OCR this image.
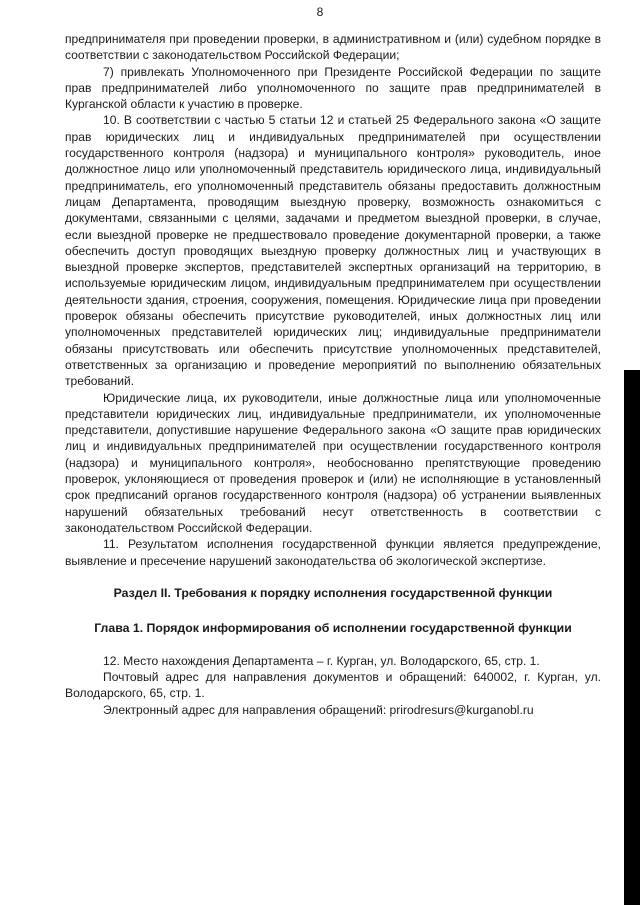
8

предпринимателя при проведении проверки, в административном и (или) судебном порядке в соответствии с законодательством Российской Федерации;

7) привлекать Уполномоченного при Президенте Российской Федерации по защите прав предпринимателей либо уполномоченного по защите прав предпринимателей в Курганской области к участию в проверке.

10. В соответствии с частью 5 статьи 12 и статьей 25 Федерального закона «О защите прав юридических лиц и индивидуальных предпринимателей при осуществлении государственного контроля (надзора) и муниципального контроля» руководитель, иное должностное лицо или уполномоченный представитель юридического лица, индивидуальный предприниматель, его уполномоченный представитель обязаны предоставить должностным лицам Департамента, проводящим выездную проверку, возможность ознакомиться с документами, связанными с целями, задачами и предметом выездной проверки, в случае, если выездной проверке не предшествовало проведение документарной проверки, а также обеспечить доступ проводящих выездную проверку должностных лиц и участвующих в выездной проверке экспертов, представителей экспертных организаций на территорию, в используемые юридическим лицом, индивидуальным предпринимателем при осуществлении деятельности здания, строения, сооружения, помещения. Юридические лица при проведении проверок обязаны обеспечить присутствие руководителей, иных должностных лиц или уполномоченных представителей юридических лиц; индивидуальные предприниматели обязаны присутствовать или обеспечить присутствие уполномоченных представителей, ответственных за организацию и проведение мероприятий по выполнению обязательных требований.

Юридические лица, их руководители, иные должностные лица или уполномоченные представители юридических лиц, индивидуальные предприниматели, их уполномоченные представители, допустившие нарушение Федерального закона «О защите прав юридических лиц и индивидуальных предпринимателей при осуществлении государственного контроля (надзора) и муниципального контроля», необоснованно препятствующие проведению проверок, уклоняющиеся от проведения проверок и (или) не исполняющие в установленный срок предписаний органов государственного контроля (надзора) об устранении выявленных нарушений обязательных требований несут ответственность в соответствии с законодательством Российской Федерации.

11. Результатом исполнения государственной функции является предупреждение, выявление и пресечение нарушений законодательства об экологической экспертизе.

Раздел II. Требования к порядку исполнения государственной функции
Глава 1. Порядок информирования об исполнении государственной функции

12. Место нахождения Департамента – г. Курган, ул. Володарского, 65, стр. 1.

Почтовый адрес для направления документов и обращений: 640002, г. Курган, ул. Володарского, 65, стр. 1.

Электронный адрес для направления обращений: prirodresurs@kurganobl.ru
